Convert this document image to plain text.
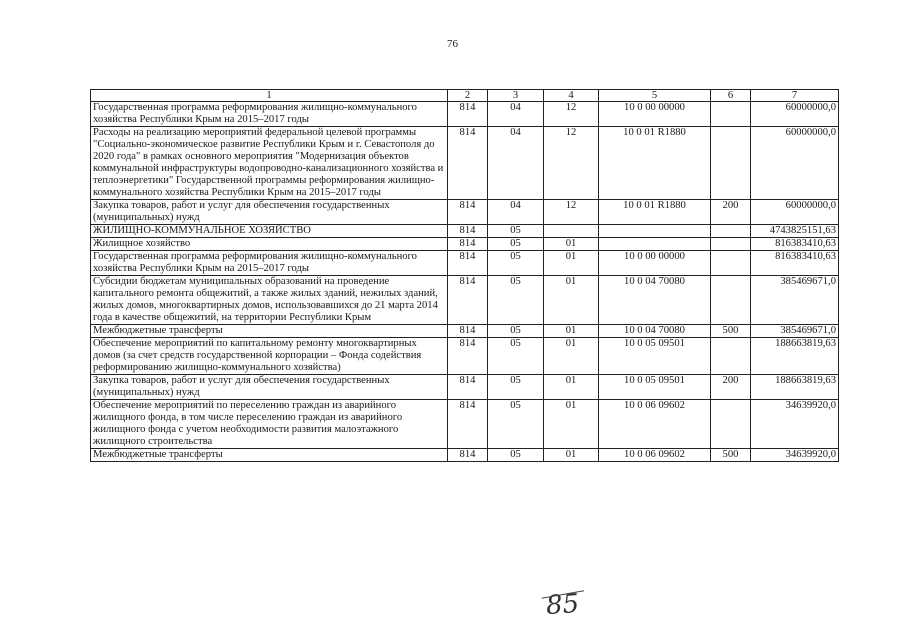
76
1	2	3	4	5	6	7
Государственная программа реформирования жилищно-коммунального хозяйства Республики Крым на 2015–2017 годы	814	04	12	10 0 00 00000		60000000,0
Расходы на реализацию мероприятий федеральной целевой программы "Социально-экономическое развитие Республики Крым и г. Севастополя до 2020 года" в рамках основного мероприятия "Модернизация объектов коммунальной инфраструктуры водопроводно-канализационного хозяйства и теплоэнергетики" Государственной программы реформирования жилищно-коммунального хозяйства Республики Крым на 2015–2017 годы	814	04	12	10 0 01 R1880		60000000,0
Закупка товаров, работ и услуг для обеспечения государственных (муниципальных) нужд	814	04	12	10 0 01 R1880	200	60000000,0
ЖИЛИЩНО-КОММУНАЛЬНОЕ ХОЗЯЙСТВО	814	05				4743825151,63
Жилищное хозяйство	814	05	01			816383410,63
Государственная программа реформирования жилищно-коммунального хозяйства Республики Крым на 2015–2017 годы	814	05	01	10 0 00 00000		816383410,63
Субсидии бюджетам муниципальных образований на проведение капитального ремонта общежитий, а также жилых зданий, нежилых зданий, жилых домов, многоквартирных домов, использовавшихся до 21 марта 2014 года в качестве общежитий, на территории Республики Крым	814	05	01	10 0 04 70080		385469671,0
Межбюджетные трансферты	814	05	01	10 0 04 70080	500	385469671,0
Обеспечение мероприятий по капитальному ремонту многоквартирных домов (за счет средств государственной корпорации – Фонда содействия реформированию жилищно-коммунального хозяйства)	814	05	01	10 0 05 09501		188663819,63
Закупка товаров, работ и услуг для обеспечения государственных (муниципальных) нужд	814	05	01	10 0 05 09501	200	188663819,63
Обеспечение мероприятий по переселению граждан из аварийного жилищного фонда, в том числе переселению граждан из аварийного жилищного фонда с учетом необходимости развития малоэтажного жилищного строительства	814	05	01	10 0 06 09602		34639920,0
Межбюджетные трансферты	814	05	01	10 0 06 09602	500	34639920,0
85
